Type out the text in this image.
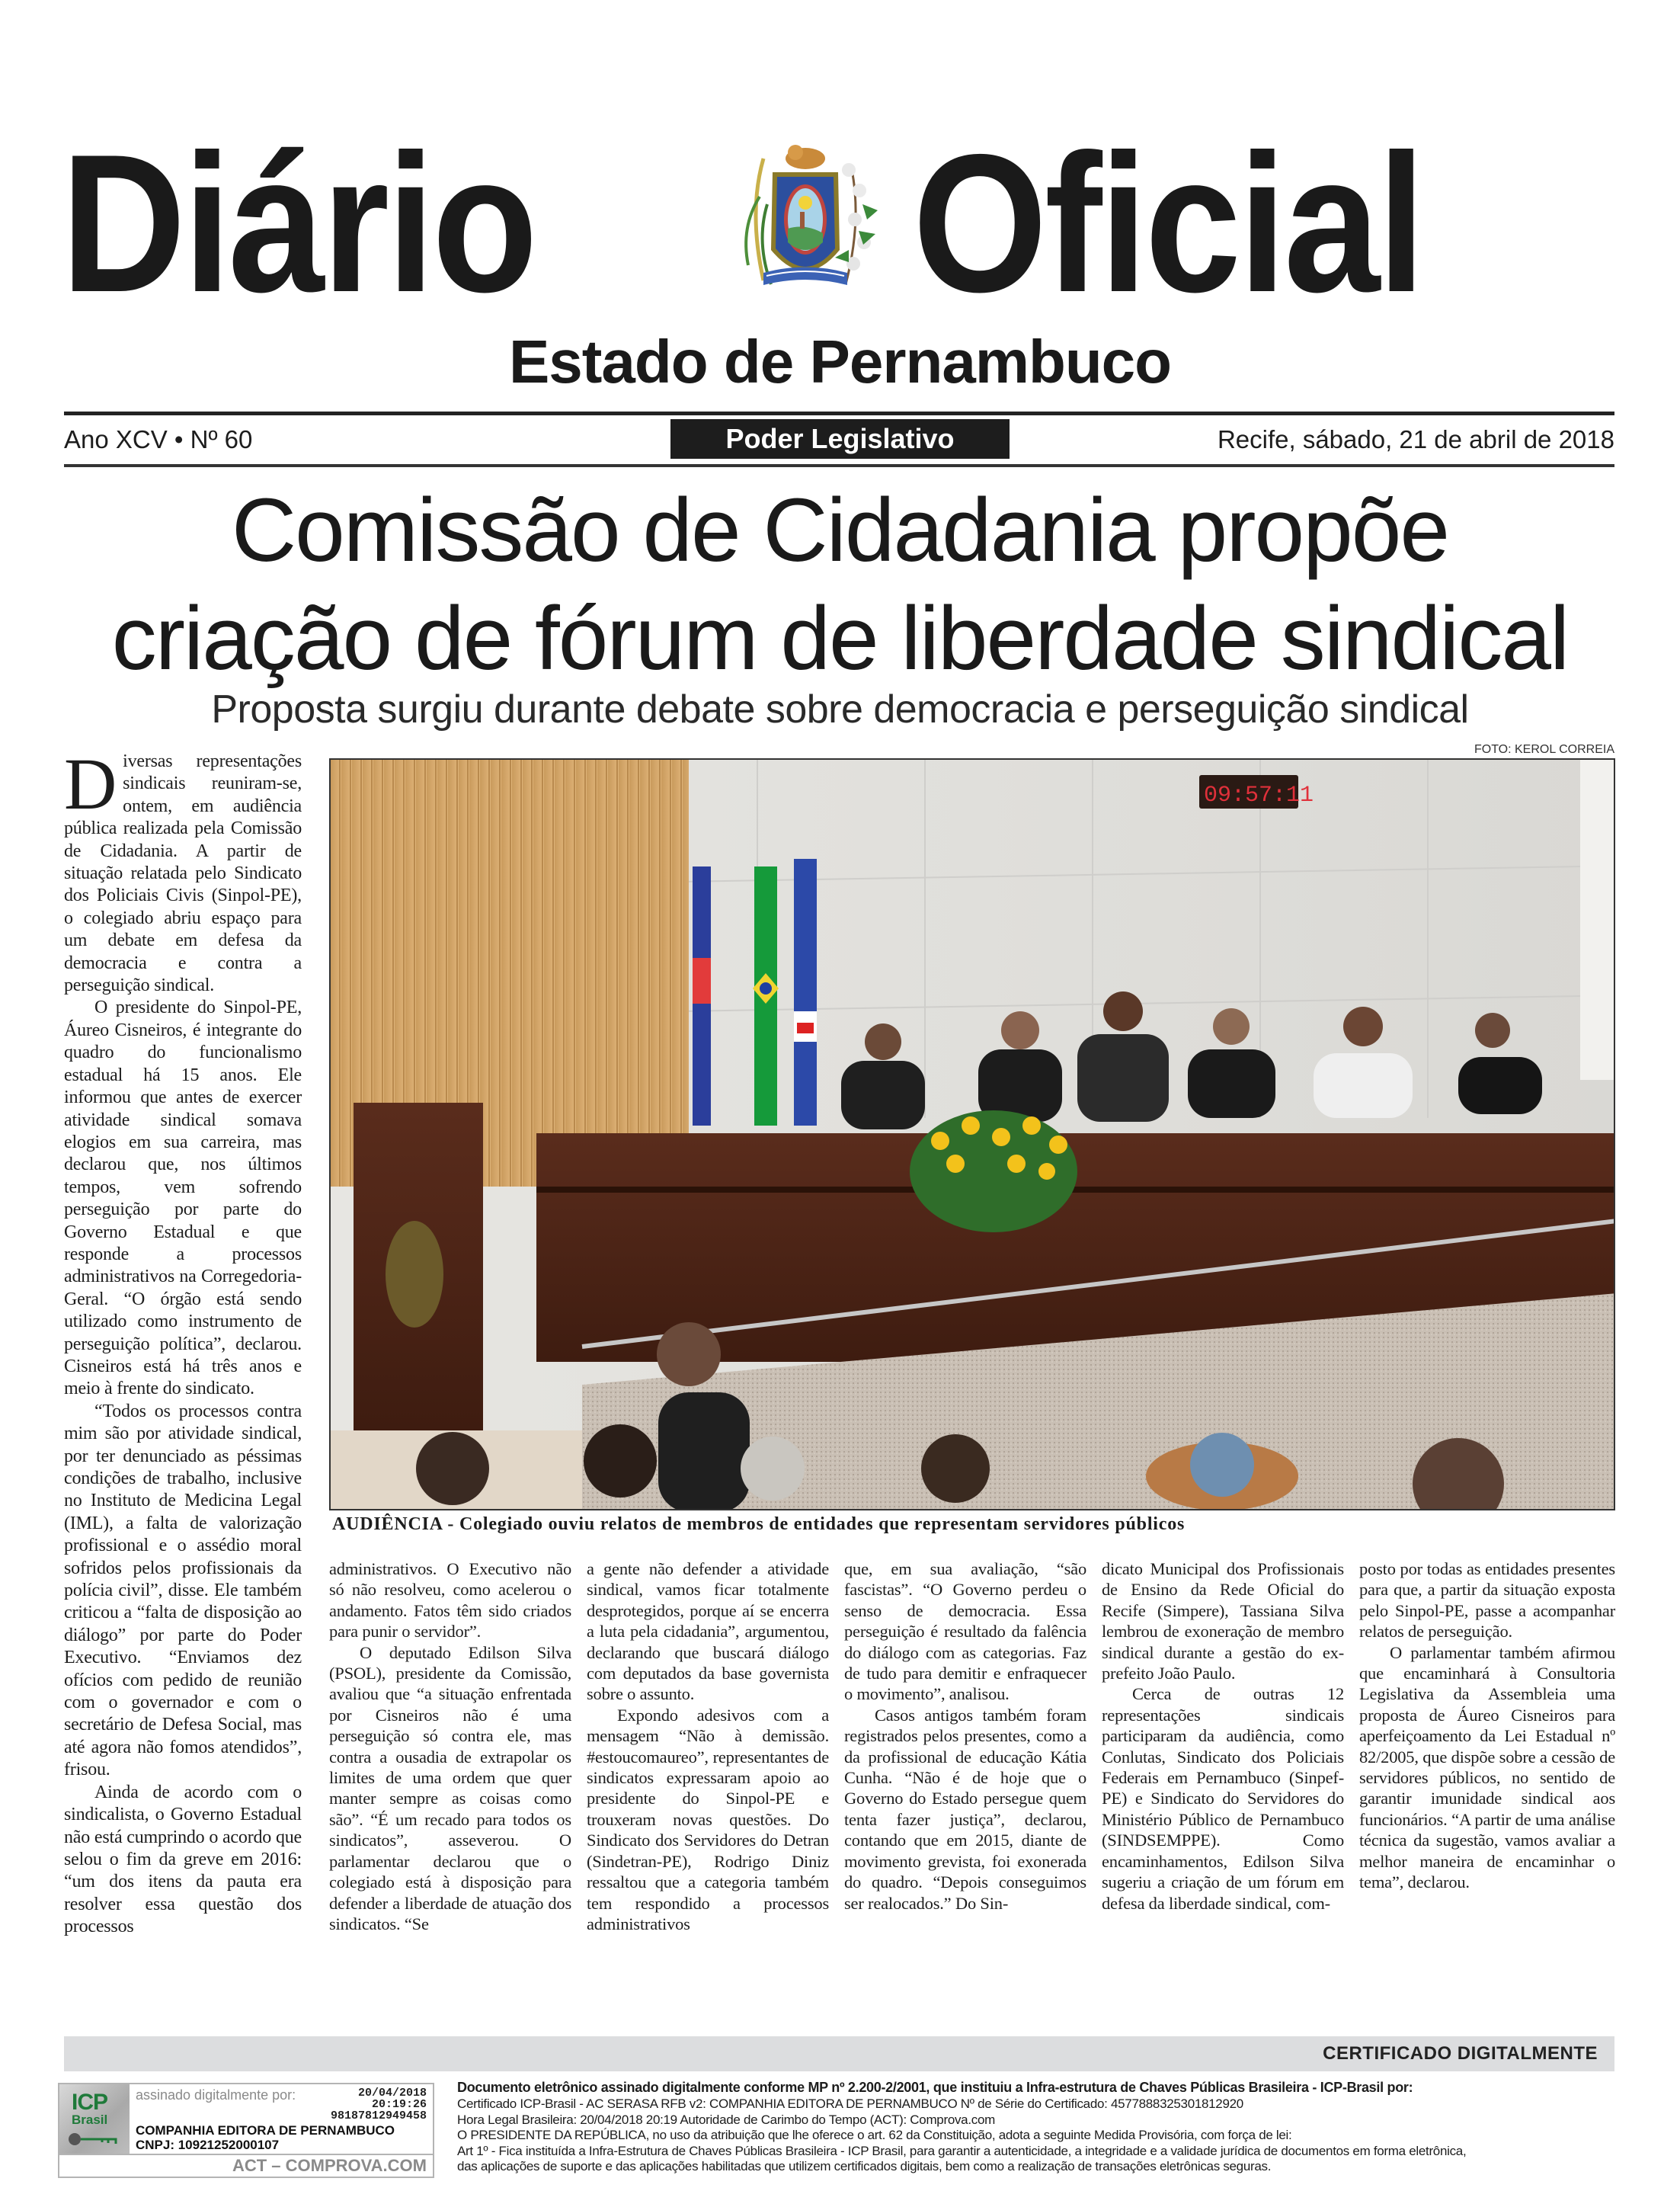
Diário Oficial
Estado de Pernambuco
Ano XCV • Nº 60	Poder Legislativo	Recife, sábado, 21 de abril de 2018
Comissão de Cidadania propõe
criação de fórum de liberdade sindical
Proposta surgiu durante debate sobre democracia e perseguição sindical

Diversas representações sindicais reuniram-se, ontem, em audiência pública realizada pela Comissão de Cidadania. A partir de situação relatada pelo Sindicato dos Policiais Civis (Sinpol-PE), o colegiado abriu espaço para um debate em defesa da democracia e contra a perseguição sindical.

O presidente do Sinpol-PE, Áureo Cisneiros, é integrante do quadro do funcionalismo estadual há 15 anos. Ele informou que antes de exercer atividade sindical somava elogios em sua carreira, mas declarou que, nos últimos tempos, vem sofrendo perseguição por parte do Governo Estadual e que responde a processos administrativos na Corregedoria-Geral. “O órgão está sendo utilizado como instrumento de perseguição política”, declarou. Cisneiros está há três anos e meio à frente do sindicato.

“Todos os processos contra mim são por atividade sindical, por ter denunciado as péssimas condições de trabalho, inclusive no Instituto de Medicina Legal (IML), a falta de valorização profissional e o assédio moral sofridos pelos profissionais da polícia civil”, disse. Ele também criticou a “falta de disposição ao diálogo” por parte do Poder Executivo. “Enviamos dez ofícios com pedido de reunião com o governador e com o secretário de Defesa Social, mas até agora não fomos atendidos”, frisou.

Ainda de acordo com o sindicalista, o Governo Estadual não está cumprindo o acordo que selou o fim da greve em 2016: “um dos itens da pauta era resolver essa questão dos processos

FOTO: KEROL CORREIA
09:57:11
AUDIÊNCIA - Colegiado ouviu relatos de membros de entidades que representam servidores públicos

administrativos. O Executivo não só não resolveu, como acelerou o andamento. Fatos têm sido criados para punir o servidor”.

O deputado Edilson Silva (PSOL), presidente da Comissão, avaliou que “a situação enfrentada por Cisneiros não é uma perseguição só contra ele, mas contra a ousadia de extrapolar os limites de uma ordem que quer manter sempre as coisas como são”. “É um recado para todos os sindicatos”, asseverou. O parlamentar declarou que o colegiado está à disposição para defender a liberdade de atuação dos sindicatos. “Se

a gente não defender a atividade sindical, vamos ficar totalmente desprotegidos, porque aí se encerra a luta pela cidadania”, argumentou, declarando que buscará diálogo com deputados da base governista sobre o assunto.

Expondo adesivos com a mensagem “Não à demissão. #estoucomaureo”, representantes de sindicatos expressaram apoio ao presidente do Sinpol-PE e trouxeram novas questões. Do Sindicato dos Servidores do Detran (Sindetran-PE), Rodrigo Diniz ressaltou que a categoria também tem respondido a processos administrativos

que, em sua avaliação, “são fascistas”. “O Governo perdeu o senso de democracia. Essa perseguição é resultado da falência do diálogo com as categorias. Faz de tudo para demitir e enfraquecer o movimento”, analisou.

Casos antigos também foram registrados pelos presentes, como a da profissional de educação Kátia Cunha. “Não é de hoje que o Governo do Estado persegue quem tenta fazer justiça”, declarou, contando que em 2015, diante de movimento grevista, foi exonerada do quadro. “Depois conseguimos ser realocados.” Do Sin-

dicato Municipal dos Profissionais de Ensino da Rede Oficial do Recife (Simpere), Tassiana Silva lembrou de exoneração de membro sindical durante a gestão do ex-prefeito João Paulo.

Cerca de outras 12 representações sindicais participaram da audiência, como Conlutas, Sindicato dos Policiais Federais em Pernambuco (Sinpef-PE) e Sindicato do Servidores do Ministério Público de Pernambuco (SINDSEMPPE). Como encaminhamentos, Edilson Silva sugeriu a criação de um fórum em defesa da liberdade sindical, com-

posto por todas as entidades presentes para que, a partir da situação exposta pelo Sinpol-PE, passe a acompanhar relatos de perseguição.

O parlamentar também afirmou que encaminhará à Consultoria Legislativa da Assembleia uma proposta de Áureo Cisneiros para aperfeiçoamento da Lei Estadual nº 82/2005, que dispõe sobre a cessão de servidores públicos, no sentido de garantir imunidade sindical aos funcionários. “A partir de uma análise técnica da sugestão, vamos avaliar a melhor maneira de encaminhar o tema”, declarou.

CERTIFICADO DIGITALMENTE
ICP
Brasil
assinado digitalmente por:	20/04/2018
20:19:26
98187812949458
COMPANHIA EDITORA DE PERNAMBUCO
CNPJ: 10921252000107
ACT – COMPROVA.COM
Documento eletrônico assinado digitalmente conforme MP nº 2.200-2/2001, que instituiu a Infra-estrutura de Chaves Públicas Brasileira - ICP-Brasil por:
Certificado ICP-Brasil - AC SERASA RFB v2: COMPANHIA EDITORA DE PERNAMBUCO Nº de Série do Certificado: 4577888325301812920
Hora Legal Brasileira: 20/04/2018 20:19 Autoridade de Carimbo do Tempo (ACT): Comprova.com
O PRESIDENTE DA REPÚBLICA, no uso da atribuição que lhe oferece o art. 62 da Constituição, adota a seguinte Medida Provisória, com força de lei:
Art 1º - Fica instituída a Infra-Estrutura de Chaves Públicas Brasileira - ICP Brasil, para garantir a autenticidade, a integridade e a validade jurídica de documentos em forma eletrônica,
das aplicações de suporte e das aplicações habilitadas que utilizem certificados digitais, bem como a realização de transações eletrônicas seguras.
